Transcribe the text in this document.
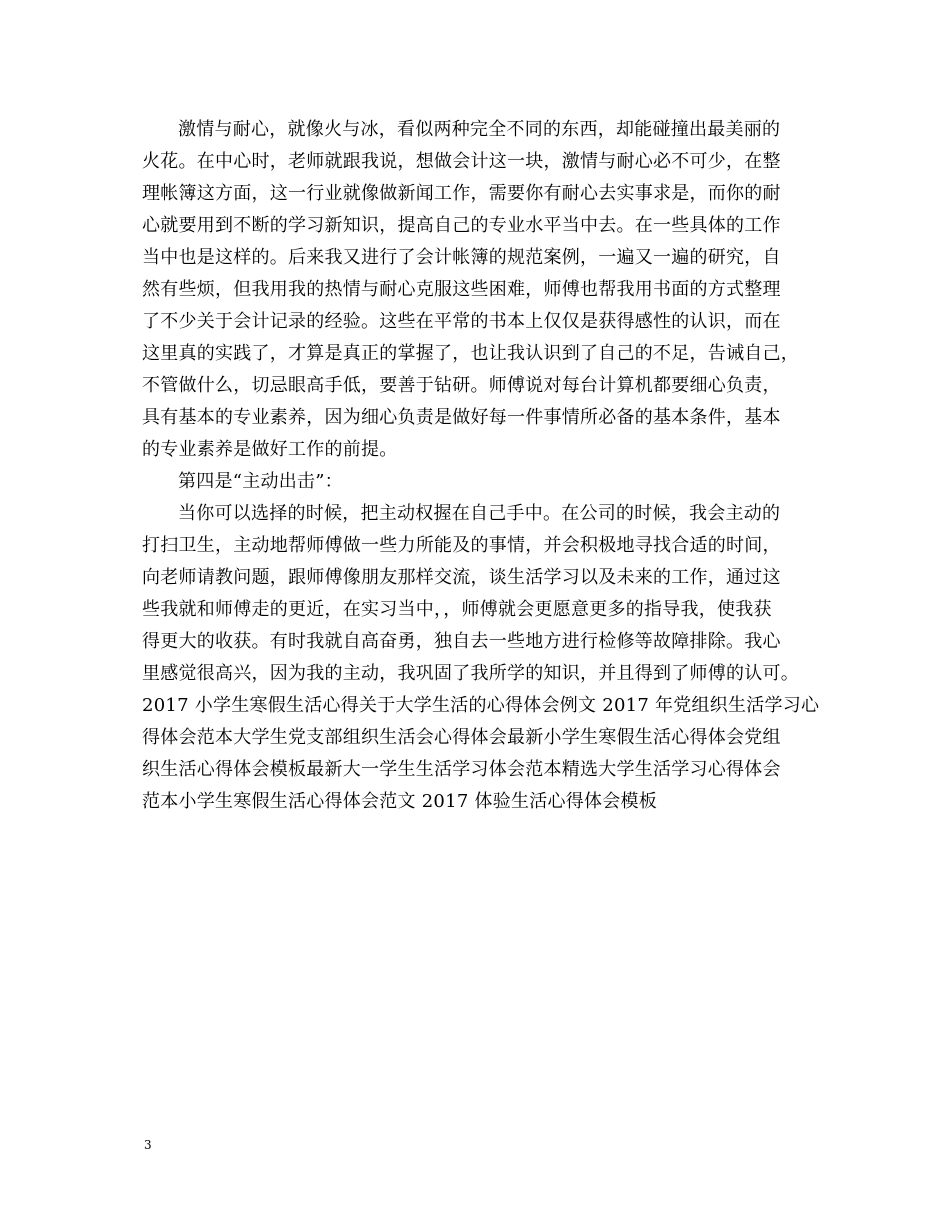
激情与耐心，就像火与冰，看似两种完全不同的东西，却能碰撞出最美丽的
火花。在中心时，老师就跟我说，想做会计这一块，激情与耐心必不可少，在整
理帐簿这方面，这一行业就像做新闻工作，需要你有耐心去实事求是，而你的耐
心就要用到不断的学习新知识，提高自己的专业水平当中去。在一些具体的工作
当中也是这样的。后来我又进行了会计帐簿的规范案例，一遍又一遍的研究，自
然有些烦，但我用我的热情与耐心克服这些困难，师傅也帮我用书面的方式整理
了不少关于会计记录的经验。这些在平常的书本上仅仅是获得感性的认识，而在
这里真的实践了，才算是真正的掌握了，也让我认识到了自己的不足，告诫自己，
不管做什么，切忌眼高手低，要善于钻研。师傅说对每台计算机都要细心负责，
具有基本的专业素养，因为细心负责是做好每一件事情所必备的基本条件，基本
的专业素养是做好工作的前提。
第四是“主动出击”：
当你可以选择的时候，把主动权握在自己手中。在公司的时候，我会主动的
打扫卫生，主动地帮师傅做一些力所能及的事情，并会积极地寻找合适的时间，
向老师请教问题，跟师傅像朋友那样交流，谈生活学习以及未来的工作，通过这
些我就和师傅走的更近，在实习当中，，师傅就会更愿意更多的指导我，使我获
得更大的收获。有时我就自高奋勇，独自去一些地方进行检修等故障排除。我心
里感觉很高兴，因为我的主动，我巩固了我所学的知识，并且得到了师傅的认可。
2017 小学生寒假生活心得关于大学生活的心得体会例文 2017 年党组织生活学习心
得体会范本大学生党支部组织生活会心得体会最新小学生寒假生活心得体会党组
织生活心得体会模板最新大一学生生活学习体会范本精选大学生活学习心得体会
范本小学生寒假生活心得体会范文 2017 体验生活心得体会模板
3
